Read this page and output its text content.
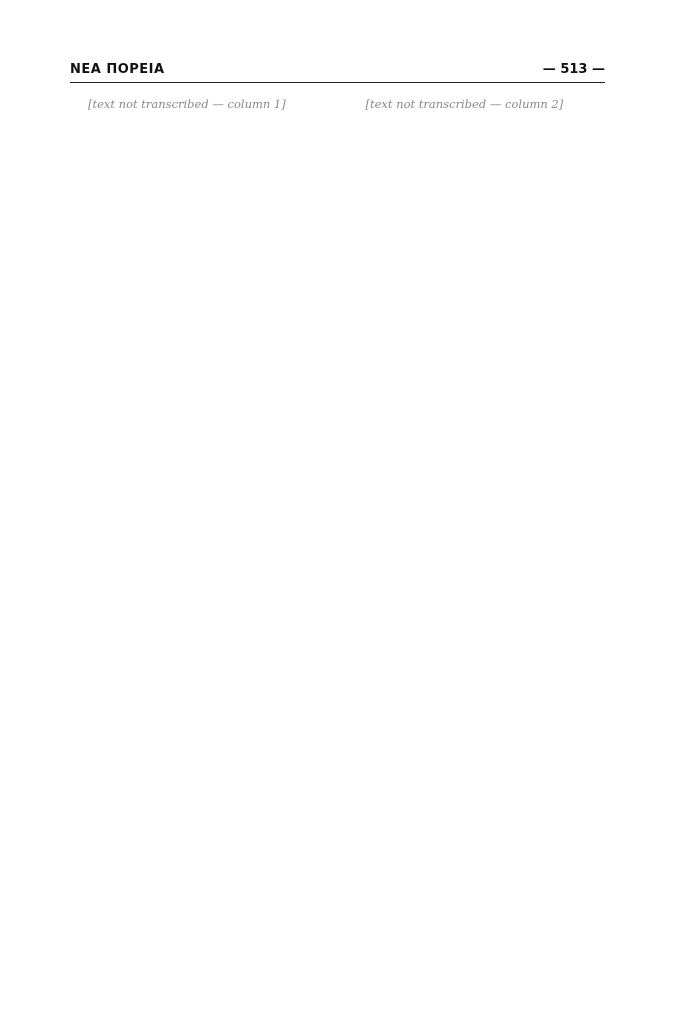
ΝΕΑ ΠΟΡΕΙΑ	— 513 —

[text not transcribed — column 1]	[text not transcribed — column 2]
